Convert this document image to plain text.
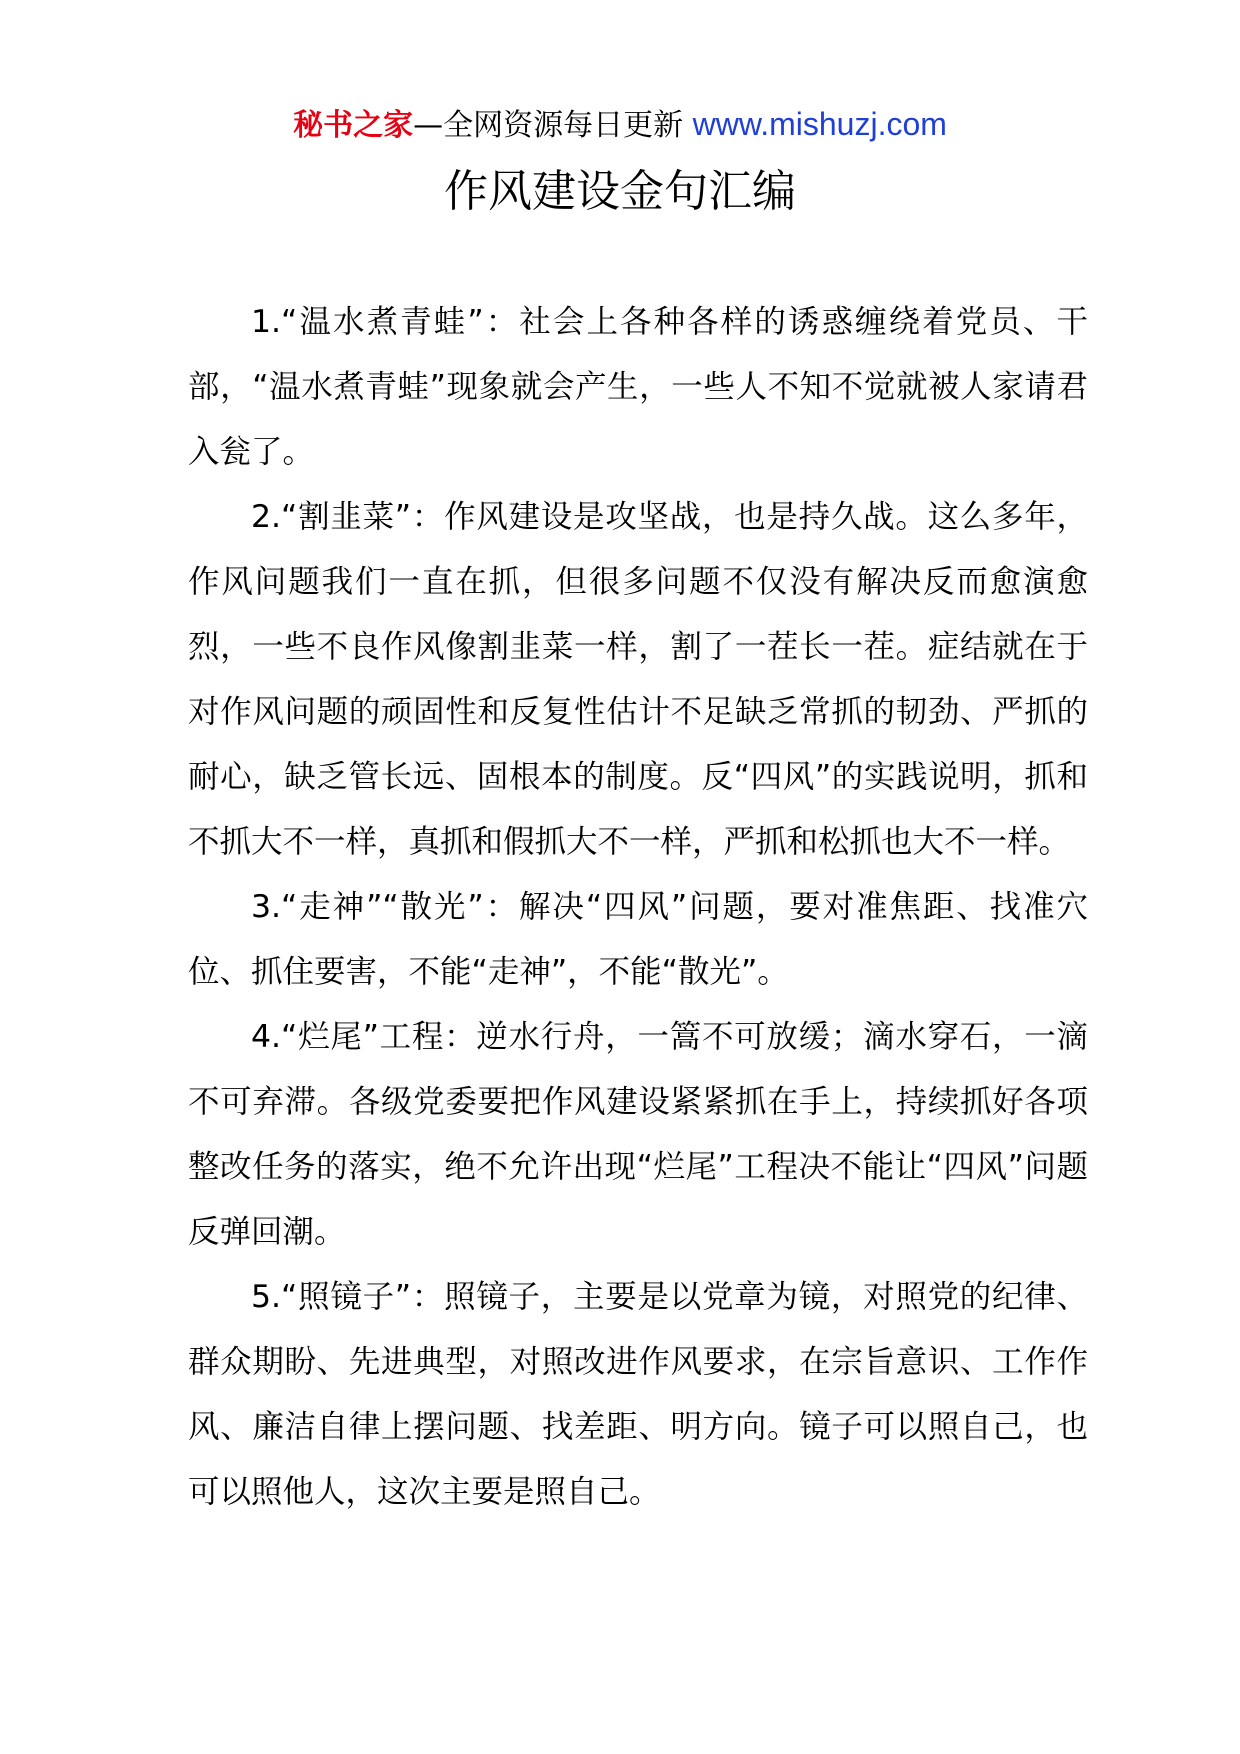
秘书之家—全网资源每日更新 www.mishuzj.com
作风建设金句汇编

1.“温水煮青蛙”：社会上各种各样的诱惑缠绕着党员、干部，“温水煮青蛙”现象就会产生，一些人不知不觉就被人家请君入瓮了。

2.“割韭菜”：作风建设是攻坚战，也是持久战。这么多年，作风问题我们一直在抓，但很多问题不仅没有解决反而愈演愈烈，一些不良作风像割韭菜一样，割了一茬长一茬。症结就在于对作风问题的顽固性和反复性估计不足缺乏常抓的韧劲、严抓的耐心，缺乏管长远、固根本的制度。反“四风”的实践说明，抓和不抓大不一样，真抓和假抓大不一样，严抓和松抓也大不一样。

3.“走神”“散光”：解决“四风”问题，要对准焦距、找准穴位、抓住要害，不能“走神”，不能“散光”。

4.“烂尾”工程：逆水行舟，一篙不可放缓；滴水穿石，一滴不可弃滞。各级党委要把作风建设紧紧抓在手上，持续抓好各项整改任务的落实，绝不允许出现“烂尾”工程决不能让“四风”问题反弹回潮。

5.“照镜子”：照镜子，主要是以党章为镜，对照党的纪律、群众期盼、先进典型，对照改进作风要求，在宗旨意识、工作作风、廉洁自律上摆问题、找差距、明方向。镜子可以照自己，也可以照他人，这次主要是照自己。
